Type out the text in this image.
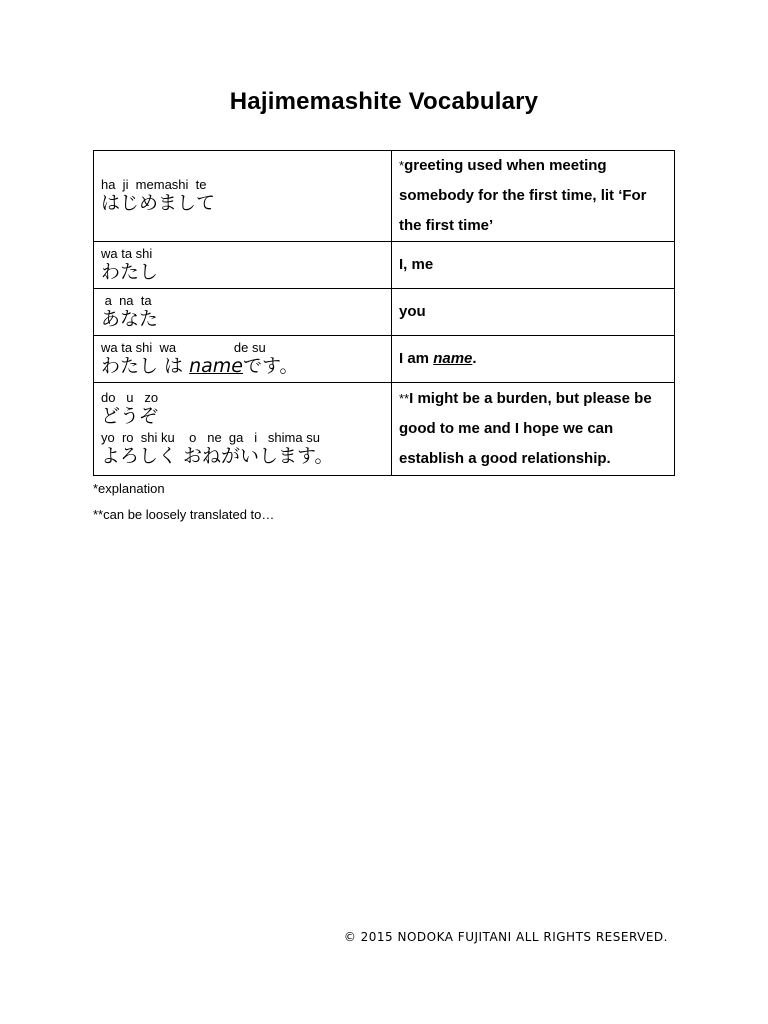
Hajimemashite Vocabulary
ha  ji  memashi  te
はじめまして	*greeting used when meeting somebody for the first time, lit ‘For the first time’

wa ta shi
わたし	I, me

a  na  ta
あなた	you

wa ta shi  wa                de su
わたし は nameです。	I am name.

do   u   zo
どうぞ
yo  ro  shi ku    o   ne  ga   i   shima su
よろしく おねがいします。	**I might be a burden, but please be good to me and I hope we can establish a good relationship.

*explanation

**can be loosely translated to…

© 2015 NODOKA FUJITANI ALL RIGHTS RESERVED.
